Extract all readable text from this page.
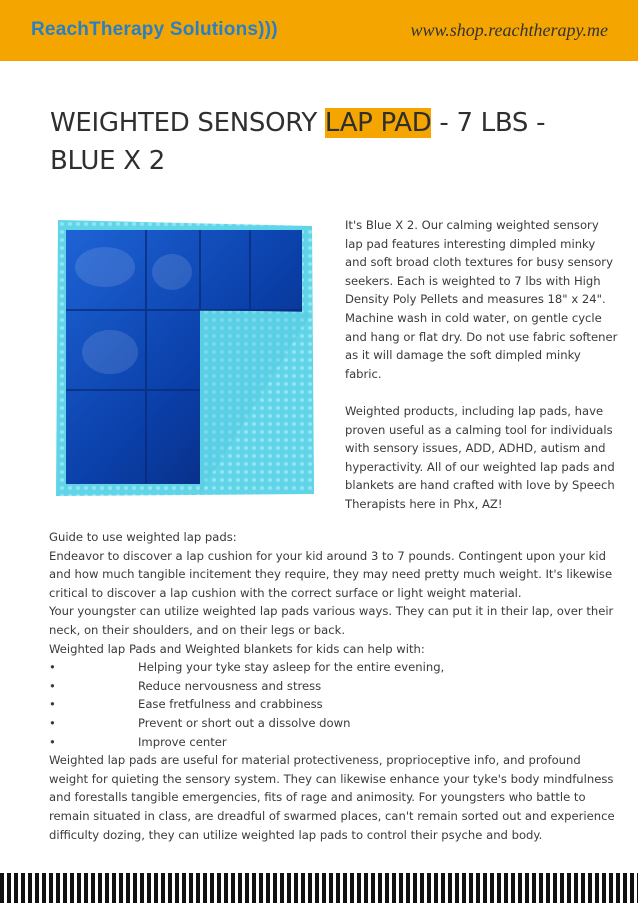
ReachTherapy Solutions)))	www.shop.reachtherapy.me
WEIGHTED SENSORY LAP PAD - 7 LBS - BLUE X 2

It's Blue X 2. Our calming weighted sensory lap pad features interesting dimpled minky and soft broad cloth textures for busy sensory seekers. Each is weighted to 7 lbs with High Density Poly Pellets and measures 18" x 24". Machine wash in cold water, on gentle cycle and hang or flat dry. Do not use fabric softener as it will damage the soft dimpled minky fabric.

Weighted products, including lap pads, have proven useful as a calming tool for individuals with sensory issues, ADD, ADHD, autism and hyperactivity. All of our weighted lap pads and blankets are hand crafted with love by Speech Therapists here in Phx, AZ!

Guide to use weighted lap pads:
Endeavor to discover a lap cushion for your kid around 3 to 7 pounds. Contingent upon your kid
and how much tangible incitement they require, they may need pretty much weight. It's likewise
critical to discover a lap cushion with the correct surface or light weight material.
Your youngster can utilize weighted lap pads various ways. They can put it in their lap, over their
neck, on their shoulders, and on their legs or back.
Weighted lap Pads and Weighted blankets for kids can help with:
•	Helping your tyke stay asleep for the entire evening,
•	Reduce nervousness and stress
•	Ease fretfulness and crabbiness
•	Prevent or short out a dissolve down
•	Improve center
Weighted lap pads are useful for material protectiveness, proprioceptive info, and profound
weight for quieting the sensory system. They can likewise enhance your tyke's body mindfulness
and forestalls tangible emergencies, fits of rage and animosity. For youngsters who battle to
remain situated in class, are dreadful of swarmed places, can't remain sorted out and experience
difficulty dozing, they can utilize weighted lap pads to control their psyche and body.
